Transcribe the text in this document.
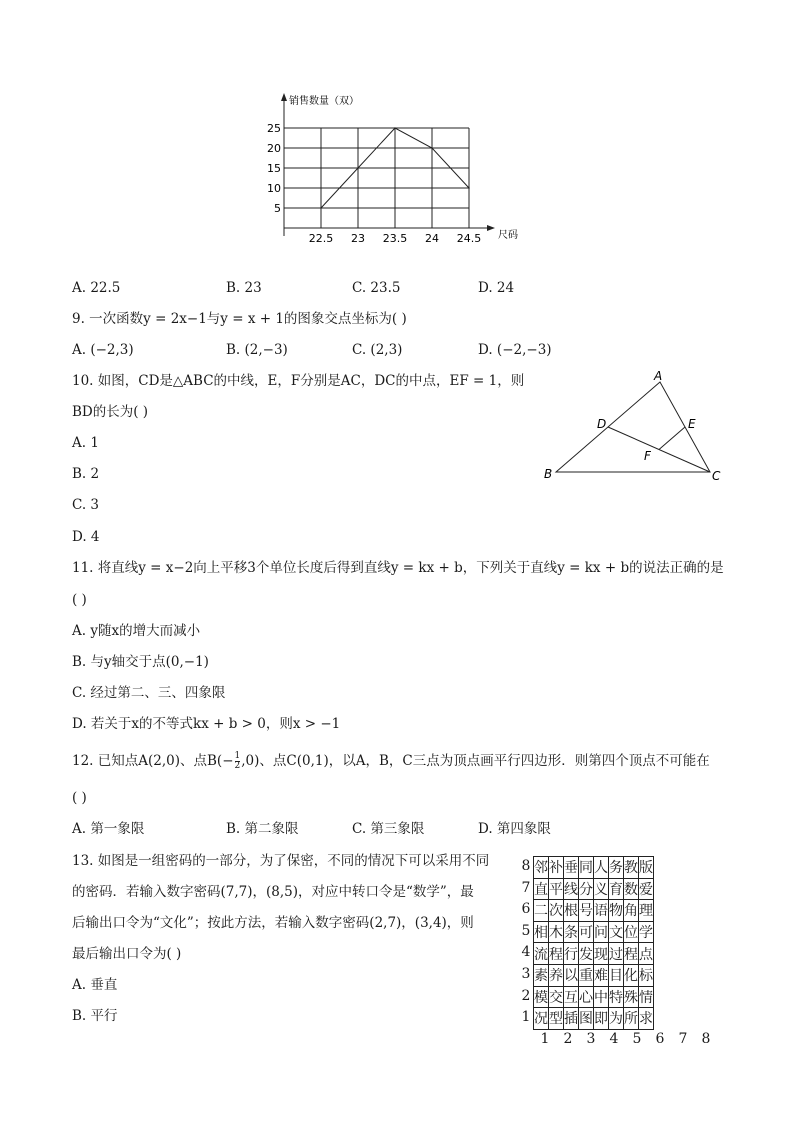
销售数量（双）
尺码
5
10
15
20
25
22.5 23 23.5 24 24.5
A. 22.5	B. 23	C. 23.5	D. 24
9. 一次函数y = 2x−1与y = x + 1的图象交点坐标为( )
A. (−2,3)	B. (2,−3)	C. (2,3)	D. (−2,−3)
10. 如图，CD是△ABC的中线，E，F分别是AC，DC的中点，EF = 1，则
BD的长为( )
A. 1
B. 2
C. 3
D. 4
A
B	C
D	E
F
11. 将直线y = x−2向上平移3个单位长度后得到直线y = kx + b，下列关于直线y = kx + b的说法正确的是
( )
A. y随x的增大而减小
B. 与y轴交于点(0,−1)
C. 经过第二、三、四象限
D. 若关于x的不等式kx + b > 0，则x > −1
12. 已知点A(2,0)、点$B(- \frac{1}{2} ,0)$、点C(0,1)，以A，B，C三点为顶点画平行四边形．则第四个顶点不可能在
( )
A. 第一象限	B. 第二象限	C. 第三象限	D. 第四象限
13. 如图是一组密码的一部分，为了保密，不同的情况下可以采用不同
的密码．若输入数字密码(7,7)，(8,5)，对应中转口令是“数学”，最
后输出口令为“文化”；按此方法，若输入数字密码(2,7)，(3,4)，则
最后输出口令为( )
A. 垂直
B. 平行
8
7
6
5
4
3
2
1
邻	补	垂	同	人	务	教	版
直	平	线	分	义	育	数	爱
二	次	根	号	语	物	角	理
相	木	条	可	问	文	位	学
流	程	行	发	现	过	程	点
素	养	以	重	难	目	化	标
模	交	互	心	中	特	殊	情
况	型	插	图	即	为	所	求
1	2	3	4	5	6	7	8
